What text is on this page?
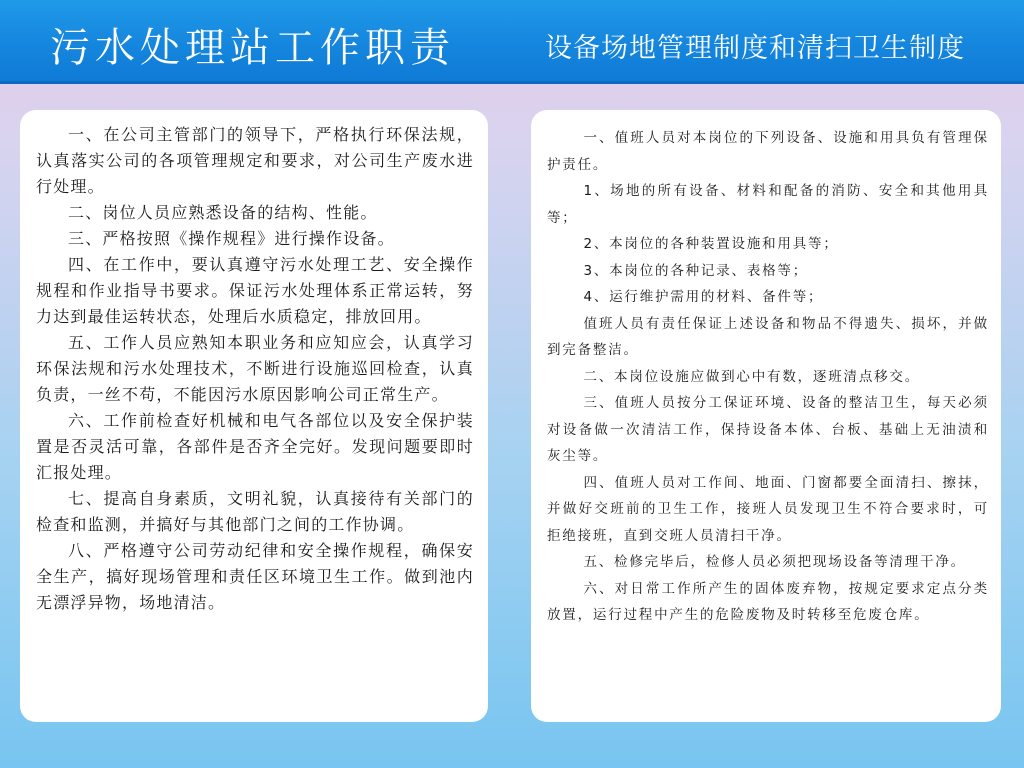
污水处理站工作职责	设备场地管理制度和清扫卫生制度

一、在公司主管部门的领导下，严格执行环保法规，认真落实公司的各项管理规定和要求，对公司生产废水进行处理。

二、岗位人员应熟悉设备的结构、性能。

三、严格按照《操作规程》进行操作设备。

四、在工作中，要认真遵守污水处理工艺、安全操作规程和作业指导书要求。保证污水处理体系正常运转，努力达到最佳运转状态，处理后水质稳定，排放回用。

五、工作人员应熟知本职业务和应知应会，认真学习环保法规和污水处理技术，不断进行设施巡回检查，认真负责，一丝不苟，不能因污水原因影响公司正常生产。

六、工作前检查好机械和电气各部位以及安全保护装置是否灵活可靠，各部件是否齐全完好。发现问题要即时汇报处理。

七、提高自身素质，文明礼貌，认真接待有关部门的检查和监测，并搞好与其他部门之间的工作协调。

八、严格遵守公司劳动纪律和安全操作规程，确保安全生产，搞好现场管理和责任区环境卫生工作。做到池内无漂浮异物，场地清洁。

一、值班人员对本岗位的下列设备、设施和用具负有管理保护责任。

1、场地的所有设备、材料和配备的消防、安全和其他用具等；

2、本岗位的各种装置设施和用具等；

3、本岗位的各种记录、表格等；

4、运行维护需用的材料、备件等；

值班人员有责任保证上述设备和物品不得遗失、损坏，并做到完备整洁。

二、本岗位设施应做到心中有数，逐班清点移交。

三、值班人员按分工保证环境、设备的整洁卫生，每天必须对设备做一次清洁工作，保持设备本体、台板、基础上无油渍和灰尘等。

四、值班人员对工作间、地面、门窗都要全面清扫、擦抹，并做好交班前的卫生工作，接班人员发现卫生不符合要求时，可拒绝接班，直到交班人员清扫干净。

五、检修完毕后，检修人员必须把现场设备等清理干净。

六、对日常工作所产生的固体废弃物，按规定要求定点分类放置，运行过程中产生的危险废物及时转移至危废仓库。
